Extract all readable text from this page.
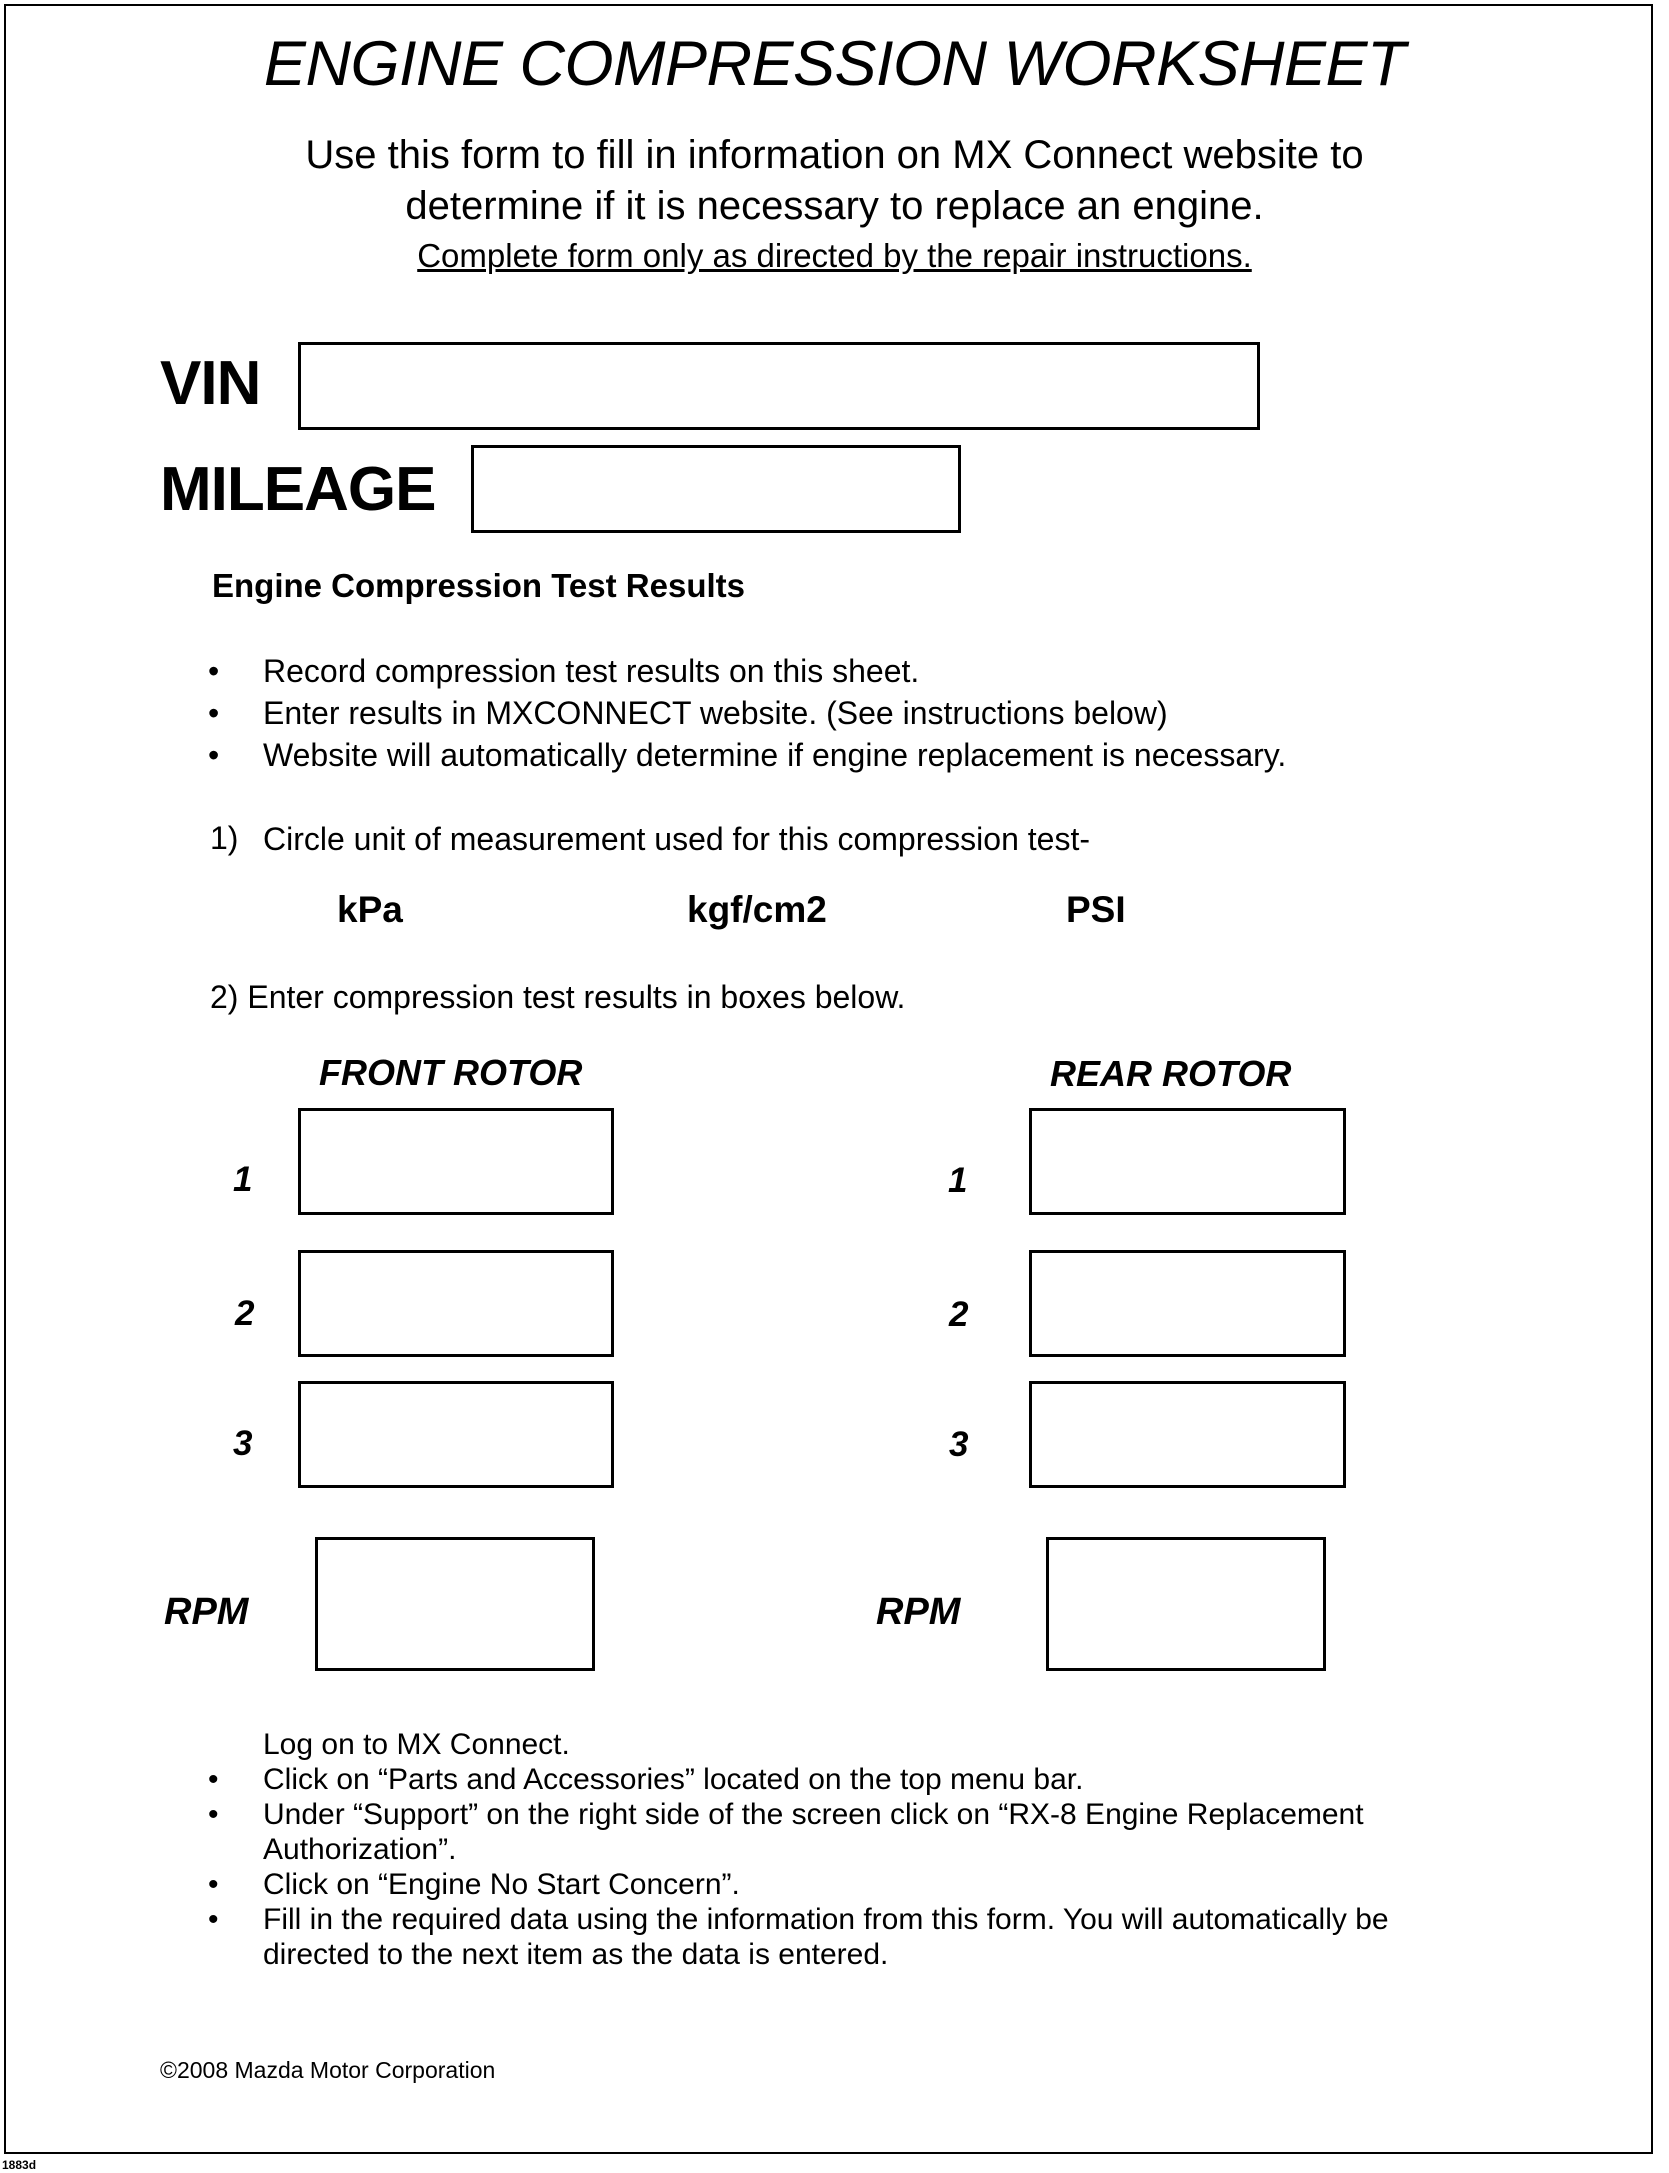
ENGINE COMPRESSION WORKSHEET
Use this form to fill in information on MX Connect website to
determine if it is necessary to replace an engine.
Complete form only as directed by the repair instructions.
VIN
MILEAGE
Engine Compression Test Results
• Record compression test results on this sheet.
• Enter results in MXCONNECT website. (See instructions below)
• Website will automatically determine if engine replacement is necessary.
1) Circle unit of measurement used for this compression test-
kPa	kgf/cm2	PSI
2) Enter compression test results in boxes below.
FRONT ROTOR
1
2
3
RPM
REAR ROTOR
1
2
3
RPM
Log on to MX Connect.
• Click on “Parts and Accessories” located on the top menu bar.
• Under “Support” on the right side of the screen click on “RX-8 Engine Replacement
Authorization”.
• Click on “Engine No Start Concern”.
• Fill in the required data using the information from this form. You will automatically be
directed to the next item as the data is entered.
©2008 Mazda Motor Corporation
1883d
